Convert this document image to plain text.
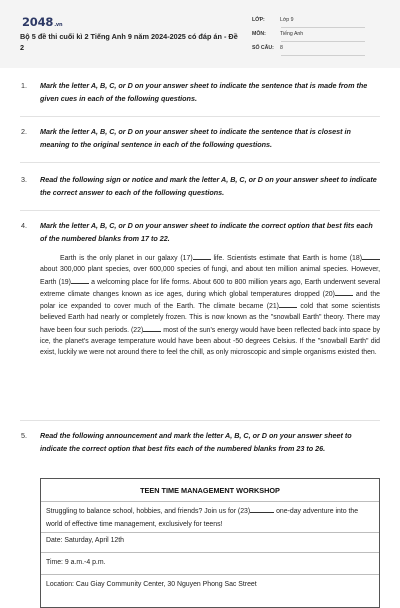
2048.vn
Bộ 5 đề thi cuối kì 2 Tiếng Anh 9 năm 2024-2025 có đáp án - Đề 2
LỚP:	Lớp 9
MÔN:	Tiếng Anh
SỐ CÂU: 8
1.	Mark the letter A, B, C, or D on your answer sheet to indicate the sentence that is made from the given cues in each of the following questions.
2.	Mark the letter A, B, C, or D on your answer sheet to indicate the sentence that is closest in meaning to the original sentence in each of the following questions.
3.	Read the following sign or notice and mark the letter A, B, C, or D on your answer sheet to indicate the correct answer to each of the following questions.
4.	Mark the letter A, B, C, or D on your answer sheet to indicate the correct option that best fits each of the numbered blanks from 17 to 22.

Earth is the only planet in our galaxy (17)	life. Scientists estimate that Earth is home (18) about 300,000 plant species, over 600,000 species of fungi, and about ten million animal species. However, Earth (19)	a welcoming place for life forms. About 600 to 800 million years ago, Earth underwent several extreme climate changes known as ice ages, during which global temperatures dropped (20)	and the polar ice expanded to cover much of the Earth. The climate became (21)	cold that some scientists believed Earth had nearly or completely frozen. This is now known as the "snowball Earth" theory. There may have been four such periods. (22)	most of the sun's energy would have been reflected back into space by ice, the planet's average temperature would have been about -50 degrees Celsius. If the "snowball Earth" did exist, luckily we were not around there to feel the chill, as only microscopic and simple organisms existed then.

5.	Read the following announcement and mark the letter A, B, C, or D on your answer sheet to indicate the correct option that best fits each of the numbered blanks from 23 to 26.
TEEN TIME MANAGEMENT WORKSHOP
Struggling to balance school, hobbies, and friends? Join us for (23)	one-day adventure into the world of effective time management, exclusively for teens!
Date: Saturday, April 12th
Time: 9 a.m.-4 p.m.
Location: Cau Giay Community Center, 30 Nguyen Phong Sac Street
